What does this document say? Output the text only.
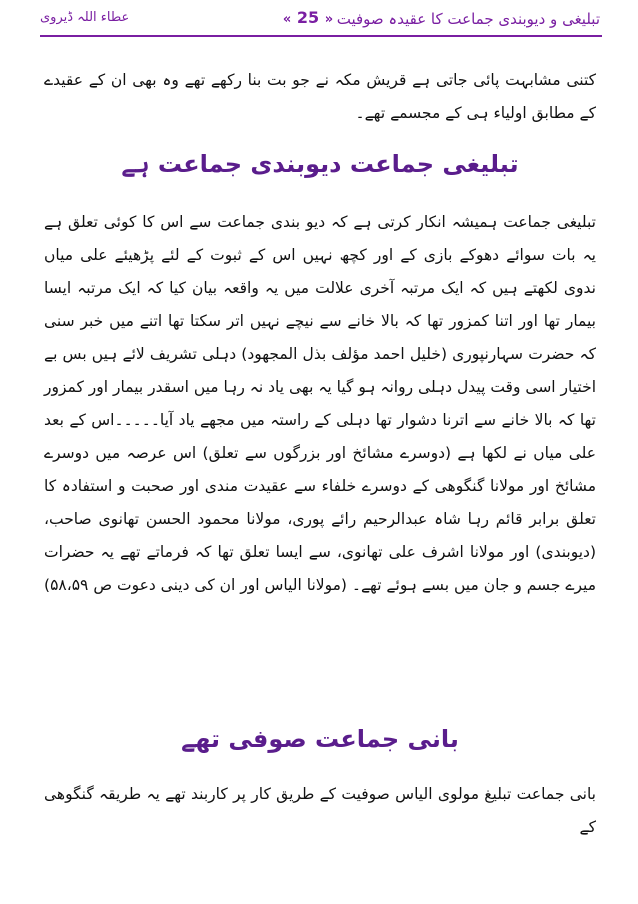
تبلیغی و دیوبندی جماعت کا عقیدہ صوفیت
« 25 »
عطاء اللہ ڈیروی

کتنی مشابہت پائی جاتی ہے قریش مکہ نے جو بت بنا رکھے تھے وہ بھی ان کے عقیدے کے مطابق اولیاء ہی کے مجسمے تھے۔

تبلیغی جماعت دیوبندی جماعت ہے

تبلیغی جماعت ہمیشہ انکار کرتی ہے کہ دیو بندی جماعت سے اس کا کوئی تعلق ہے یہ بات سوائے دھوکے بازی کے اور کچھ نہیں اس کے ثبوت کے لئے پڑھیئے علی میاں ندوی لکھتے ہیں کہ ایک مرتبہ آخری علالت میں یہ واقعہ بیان کیا کہ ایک مرتبہ ایسا بیمار تھا اور اتنا کمزور تھا کہ بالا خانے سے نیچے نہیں اتر سکتا تھا اتنے میں خبر سنی کہ حضرت سہارنپوری (خلیل احمد مؤلف بذل المجھود) دہلی تشریف لائے ہیں بس بے اختیار اسی وقت پیدل دہلی روانہ ہو گیا یہ بھی یاد نہ رہا میں اسقدر بیمار اور کمزور تھا کہ بالا خانے سے اترنا دشوار تھا دہلی کے راستہ میں مجھے یاد آیا۔۔۔۔۔اس کے بعد علی میاں نے لکھا ہے (دوسرے مشائخ اور بزرگوں سے تعلق) اس عرصہ میں دوسرے مشائخ اور مولانا گنگوھی کے دوسرے خلفاء سے عقیدت مندی اور صحبت و استفادہ کا تعلق برابر قائم رہا شاہ عبدالرحیم رائے پوری، مولانا محمود الحسن تھانوی صاحب، (دیوبندی) اور مولانا اشرف علی تھانوی، سے ایسا تعلق تھا کہ فرماتے تھے یہ حضرات میرے جسم و جان میں بسے ہوئے تھے۔ (مولانا الیاس اور ان کی دینی دعوت ص ۵۸،۵۹)

بانی جماعت صوفی تھے

بانی جماعت تبلیغ مولوی الیاس صوفیت کے طریق کار پر کاربند تھے یہ طریقہ گنگوھی کے
